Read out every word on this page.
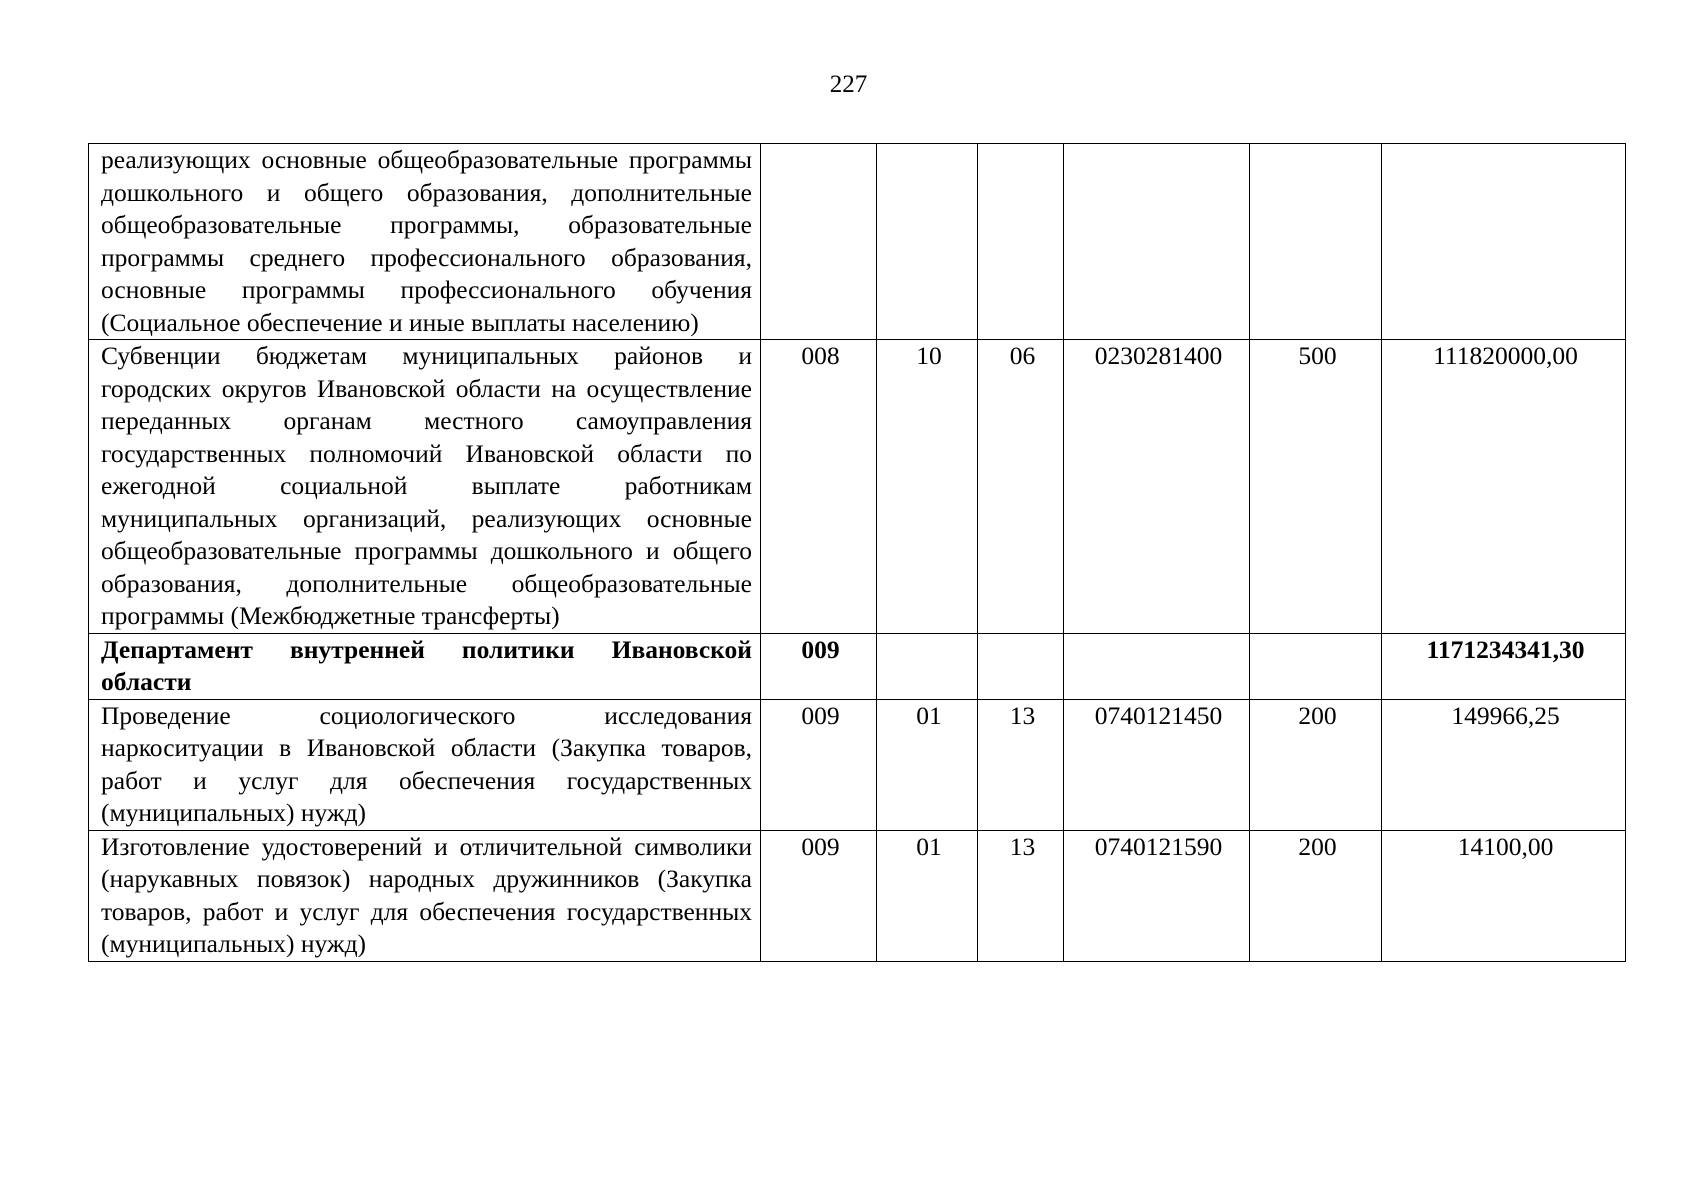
227
реализующих основные общеобразовательные программы дошкольного и общего образования, дополнительные общеобразовательные программы, образовательные программы среднего профессионального образования, основные программы профессионального обучения (Социальное обеспечение и иные выплаты населению)						
Субвенции бюджетам муниципальных районов и городских округов Ивановской области на осуществление переданных органам местного самоуправления государственных полномочий Ивановской области по ежегодной социальной выплате работникам муниципальных организаций, реализующих основные общеобразовательные программы дошкольного и общего образования, дополнительные общеобразовательные программы (Межбюджетные трансферты)	008	10	06	0230281400	500	111820000,00
Департамент внутренней политики Ивановской области	009					1171234341,30
Проведение социологического исследования наркоситуации в Ивановской области (Закупка товаров, работ и услуг для обеспечения государственных (муниципальных) нужд)	009	01	13	0740121450	200	149966,25
Изготовление удостоверений и отличительной символики (нарукавных повязок) народных дружинников (Закупка товаров, работ и услуг для обеспечения государственных (муниципальных) нужд)	009	01	13	0740121590	200	14100,00
